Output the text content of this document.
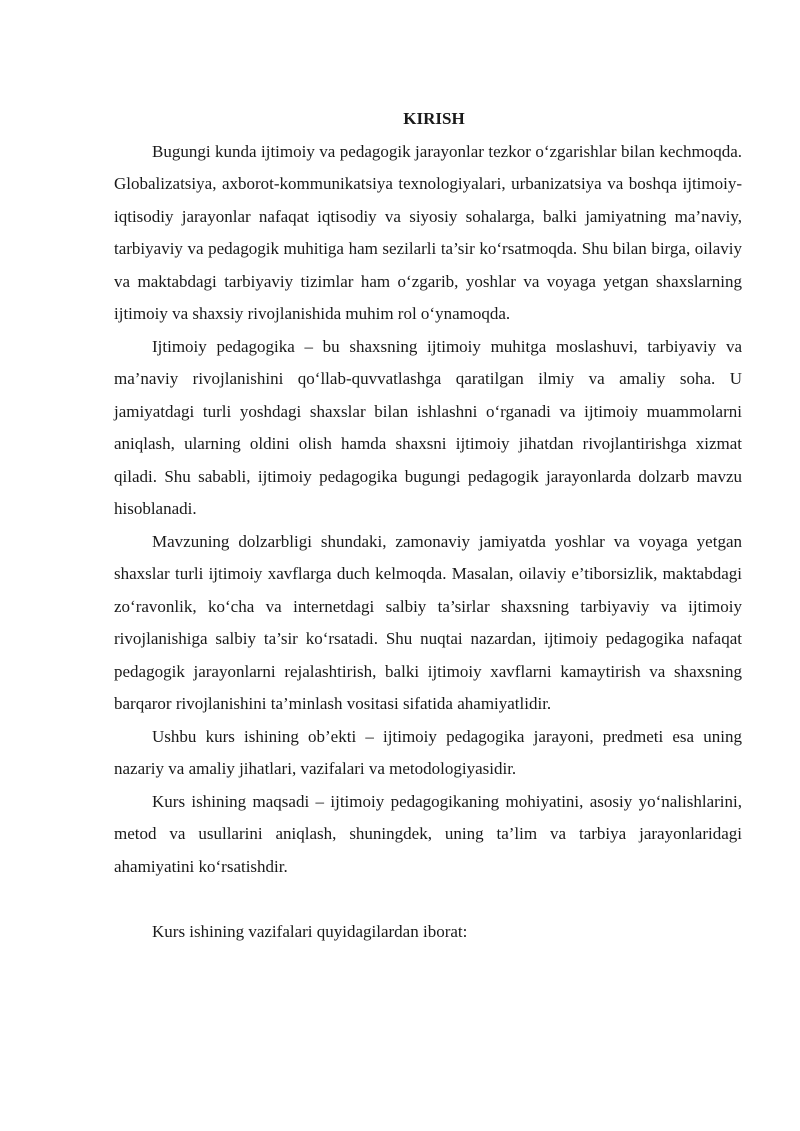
KIRISH

Bugungi kunda ijtimoiy va pedagogik jarayonlar tezkor o‘zgarishlar bilan kechmoqda. Globalizatsiya, axborot-kommunikatsiya texnologiyalari, urbanizatsiya va boshqa ijtimoiy-iqtisodiy jarayonlar nafaqat iqtisodiy va siyosiy sohalarga, balki jamiyatning ma’naviy, tarbiyaviy va pedagogik muhitiga ham sezilarli ta’sir ko‘rsatmoqda. Shu bilan birga, oilaviy va maktabdagi tarbiyaviy tizimlar ham o‘zgarib, yoshlar va voyaga yetgan shaxslarning ijtimoiy va shaxsiy rivojlanishida muhim rol o‘ynamoqda.

Ijtimoiy pedagogika – bu shaxsning ijtimoiy muhitga moslashuvi, tarbiyaviy va ma’naviy rivojlanishini qo‘llab-quvvatlashga qaratilgan ilmiy va amaliy soha. U jamiyatdagi turli yoshdagi shaxslar bilan ishlashni o‘rganadi va ijtimoiy muammolarni aniqlash, ularning oldini olish hamda shaxsni ijtimoiy jihatdan rivojlantirishga xizmat qiladi. Shu sababli, ijtimoiy pedagogika bugungi pedagogik jarayonlarda dolzarb mavzu hisoblanadi.

Mavzuning dolzarbligi shundaki, zamonaviy jamiyatda yoshlar va voyaga yetgan shaxslar turli ijtimoiy xavflarga duch kelmoqda. Masalan, oilaviy e’tiborsizlik, maktabdagi zo‘ravonlik, ko‘cha va internetdagi salbiy ta’sirlar shaxsning tarbiyaviy va ijtimoiy rivojlanishiga salbiy ta’sir ko‘rsatadi. Shu nuqtai nazardan, ijtimoiy pedagogika nafaqat pedagogik jarayonlarni rejalashtirish, balki ijtimoiy xavflarni kamaytirish va shaxsning barqaror rivojlanishini ta’minlash vositasi sifatida ahamiyatlidir.

Ushbu kurs ishining ob’ekti – ijtimoiy pedagogika jarayoni, predmeti esa uning nazariy va amaliy jihatlari, vazifalari va metodologiyasidir.

Kurs ishining maqsadi – ijtimoiy pedagogikaning mohiyatini, asosiy yo‘nalishlarini, metod va usullarini aniqlash, shuningdek, uning ta’lim va tarbiya jarayonlaridagi ahamiyatini ko‘rsatishdir.

Kurs ishining vazifalari quyidagilardan iborat:
